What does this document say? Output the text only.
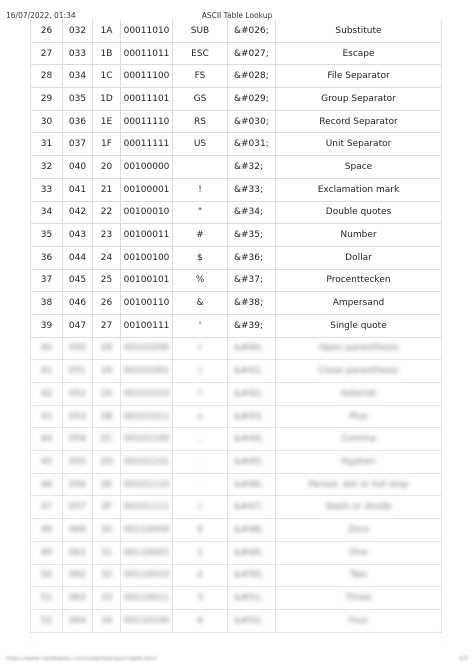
16/07/2022, 01:34	ASCII Table Lookup
26	032	1A	00011010	SUB	&#026;	Substitute
27	033	1B	00011011	ESC	&#027;	Escape
28	034	1C	00011100	FS	&#028;	File Separator
29	035	1D	00011101	GS	&#029;	Group Separator
30	036	1E	00011110	RS	&#030;	Record Separator
31	037	1F	00011111	US	&#031;	Unit Separator
32	040	20	00100000		&#32;	Space
33	041	21	00100001	!	&#33;	Exclamation mark
34	042	22	00100010	"	&#34;	Double quotes
35	043	23	00100011	#	&#35;	Number
36	044	24	00100100	$	&#36;	Dollar
37	045	25	00100101	%	&#37;	Procenttecken
38	046	26	00100110	&	&#38;	Ampersand
39	047	27	00100111	'	&#39;	Single quote
40	050	28	00101000	(	&#40;	Open parenthesis
41	051	29	00101001	)	&#41;	Close parenthesis
42	052	2A	00101010	*	&#42;	Asterisk
43	053	2B	00101011	+	&#43;	Plus
44	054	2C	00101100	,	&#44;	Comma
45	055	2D	00101101	-	&#45;	Hyphen
46	056	2E	00101110	.	&#46;	Period, dot or full stop
47	057	2F	00101111	/	&#47;	Slash or divide
48	060	30	00110000	0	&#48;	Zero
49	061	31	00110001	1	&#49;	One
50	062	32	00110010	2	&#50;	Two
51	063	33	00110011	3	&#51;	Three
52	064	34	00110100	4	&#52;	Four
https://www.rapidtables.com/code/text/ascii-table.html	2/3
